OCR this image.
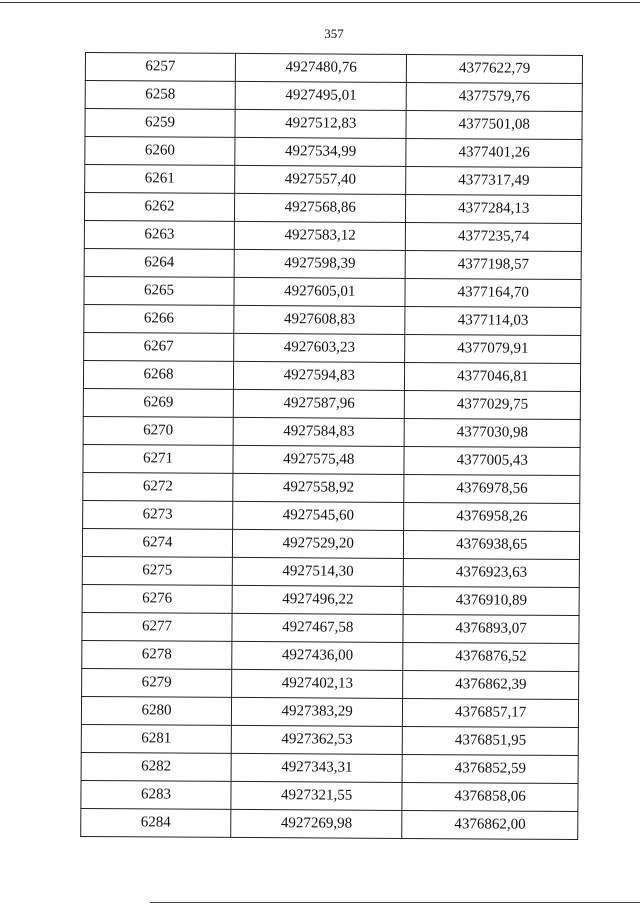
357
6257	4927480,76	4377622,79
6258	4927495,01	4377579,76
6259	4927512,83	4377501,08
6260	4927534,99	4377401,26
6261	4927557,40	4377317,49
6262	4927568,86	4377284,13
6263	4927583,12	4377235,74
6264	4927598,39	4377198,57
6265	4927605,01	4377164,70
6266	4927608,83	4377114,03
6267	4927603,23	4377079,91
6268	4927594,83	4377046,81
6269	4927587,96	4377029,75
6270	4927584,83	4377030,98
6271	4927575,48	4377005,43
6272	4927558,92	4376978,56
6273	4927545,60	4376958,26
6274	4927529,20	4376938,65
6275	4927514,30	4376923,63
6276	4927496,22	4376910,89
6277	4927467,58	4376893,07
6278	4927436,00	4376876,52
6279	4927402,13	4376862,39
6280	4927383,29	4376857,17
6281	4927362,53	4376851,95
6282	4927343,31	4376852,59
6283	4927321,55	4376858,06
6284	4927269,98	4376862,00
